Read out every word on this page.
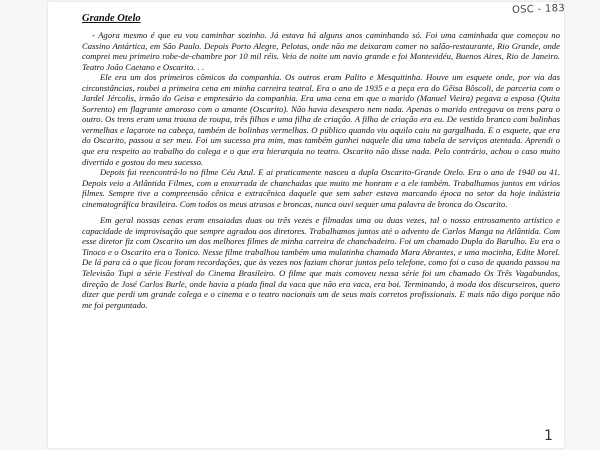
Grande Otelo
OSC - 183

- Agora mesmo é que eu vou caminhar sozinho. Já estava há alguns anos caminhando só. Foi uma caminhada que começou no Cassino Antártica, em São Paulo. Depois Porto Alegre, Pelotas, onde não me deixaram comer no salão-restaurante, Rio Grande, onde comprei meu primeiro robe-de-chambre por 10 mil réis. Veio de noite um navio grande e foi Montevidéu, Buenos Aires, Rio de Janeiro. Teatro João Caetano e Oscarito. . .

Ele era um dos primeiros cômicos da companhia. Os outros eram Palito e Mesquitinha. Houve um esquete onde, por via das circunstâncias, roubei a primeira cena em minha carreira teatral. Era o ano de 1935 e a peça era do Gêisa Bôscoli, de parceria com o Jardel Jércolis, irmão do Geisa e empresário da companhia. Era uma cena em que o marido (Manuel Vieira) pegava a esposa (Quita Sorrento) em flagrante amoroso com o amante (Oscarito). Não havia desespero nem nada. Apenas o marido entregava os trens para o outro. Os trens eram uma trouxa de roupa, três filhos e uma filha de criação. A filha de criação era eu. De vestido branco com bolinhas vermelhas e laçarote na cabeça, também de bolinhas vermelhas. O público quando viu aquilo caiu na gargalhada. E o esquete, que era do Oscarito, passou a ser meu. Foi um sucesso pra mim, mas também ganhei naquele dia uma tabela de serviços atentada. Aprendi o que era respeito ao trabalho do colega e o que era hierarquia no teatro. Oscarito não disse nada. Pelo contrário, achou o caso muito divertido e gostou do meu sucesso.

Depois fui reencontrá-lo no filme Céu Azul. E ai praticamente nasceu a dupla Oscarito-Grande Otelo. Era o ano de 1940 ou 41. Depois veio a Atlântida Filmes, com a enxurrada de chanchadas que muito me honram e a ele também. Trabalhamos juntos em vários filmes. Sempre tive a compreensão cênica e extracênica daquele que sem saber estava marcando época no setor da hoje indústria cinematográfica brasileira. Com todos os meus atrasos e broncas, nunca ouvi sequer uma palavra de bronca do Oscarito.

Em geral nossas cenas eram ensaiadas duas ou três vezes e filmadas uma ou duas vezes, tal o nosso entrosamento artístico e capacidade de improvisação que sempre agradou aos diretores. Trabalhamos juntos até o advento de Carlos Manga na Atlântida. Com esse diretor fiz com Oscarito um dos melhores filmes de minha carreira de chanchadeiro. Foi um chamado Dupla do Barulho. Eu era o Tinoco e o Oscarito era o Tonico. Nesse filme trabalhou também uma mulatinha chamada Mara Abrantes, e uma mocinha, Edite Morel. De lá para cá o que ficou foram recordações, que às vezes nos faziam chorar juntos pelo telefone, como foi o caso de quando passou na Televisão Tupi a série Festival do Cinema Brasileiro. O filme que mais comoveu nessa série foi um chamado Os Três Vagabundos, direção de José Carlos Burle, onde havia a piada final da vaca que não era vaca, era boi. Terminando, à moda dos discurseiros, quero dizer que perdi um grande colega e o cinema e o teatro nacionais um de seus mais corretos profissionais. E mais não digo porque não me foi perguntado.

1
